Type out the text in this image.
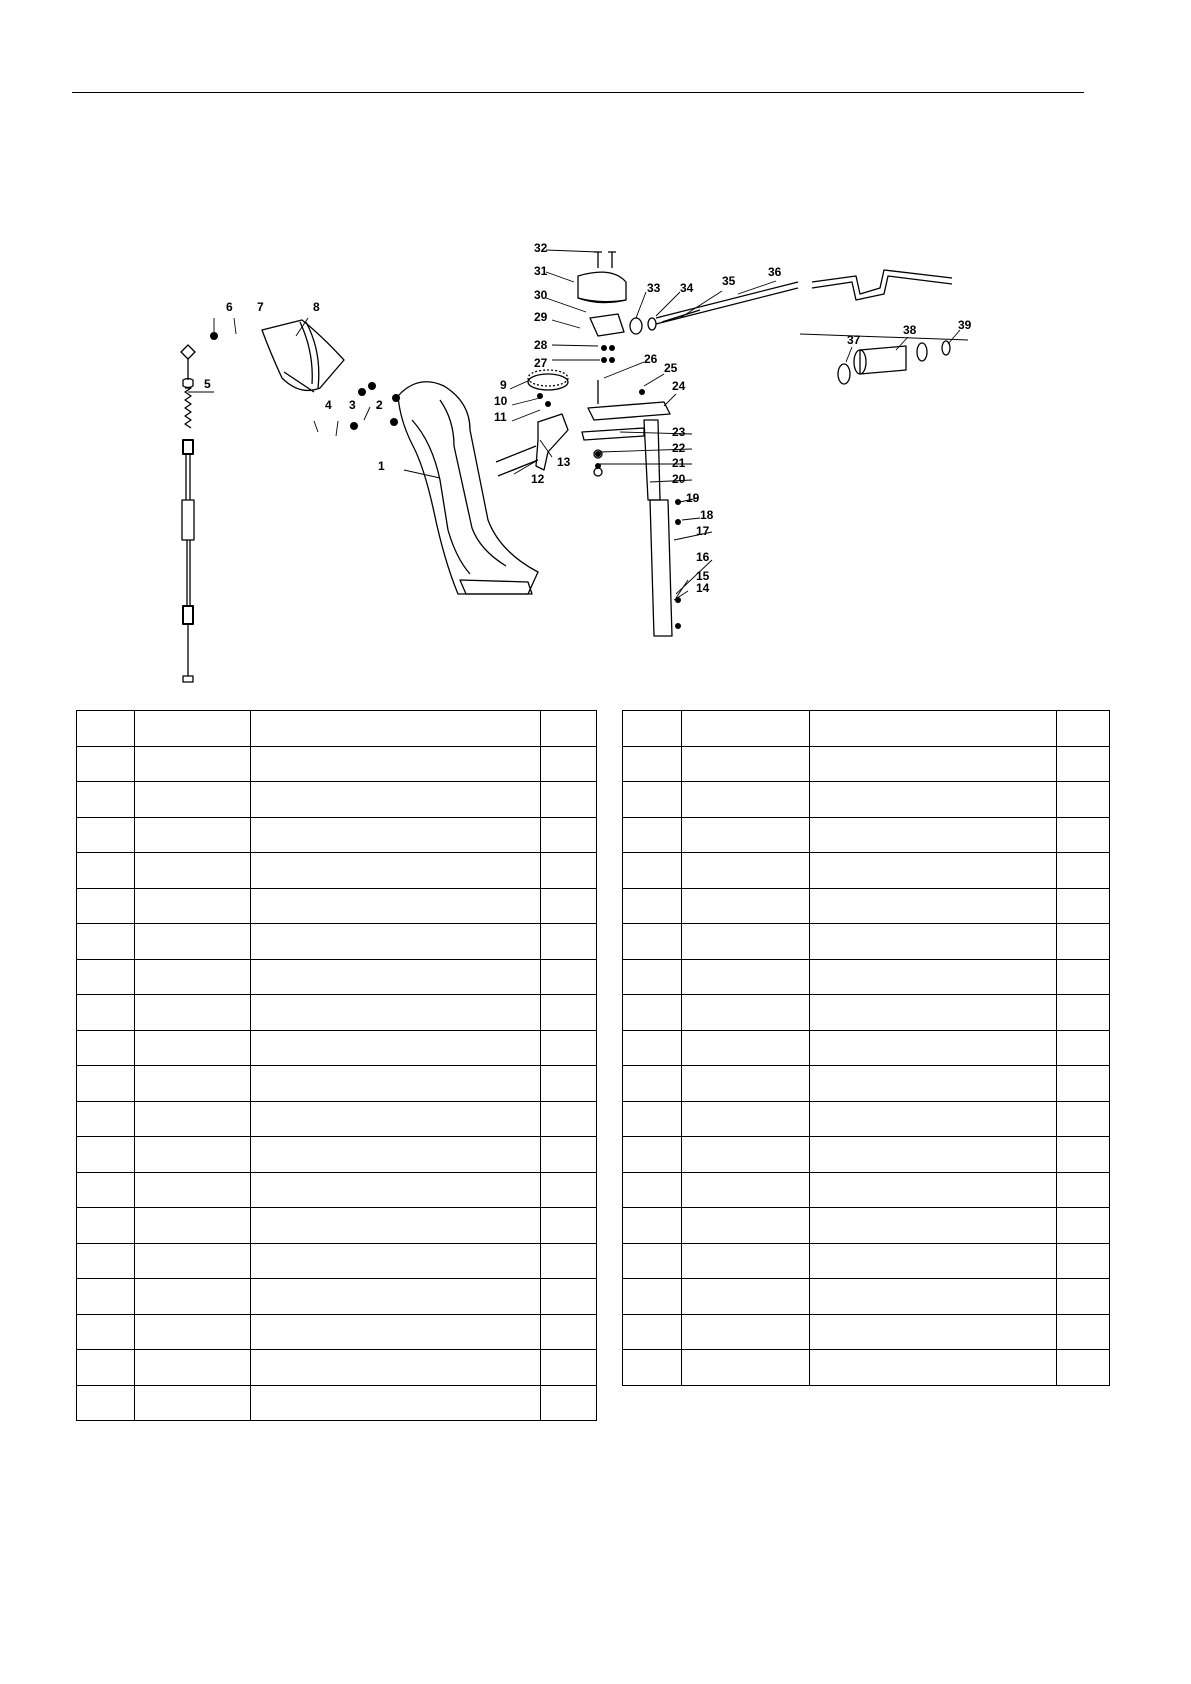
1
2
3
4
5
6 7	8
9
10
11
12
13
14
15
16
17
18
19
20
21
22
23
24
25
26
27
28
29
30
31
32
33 34 35
36
37
38	39
